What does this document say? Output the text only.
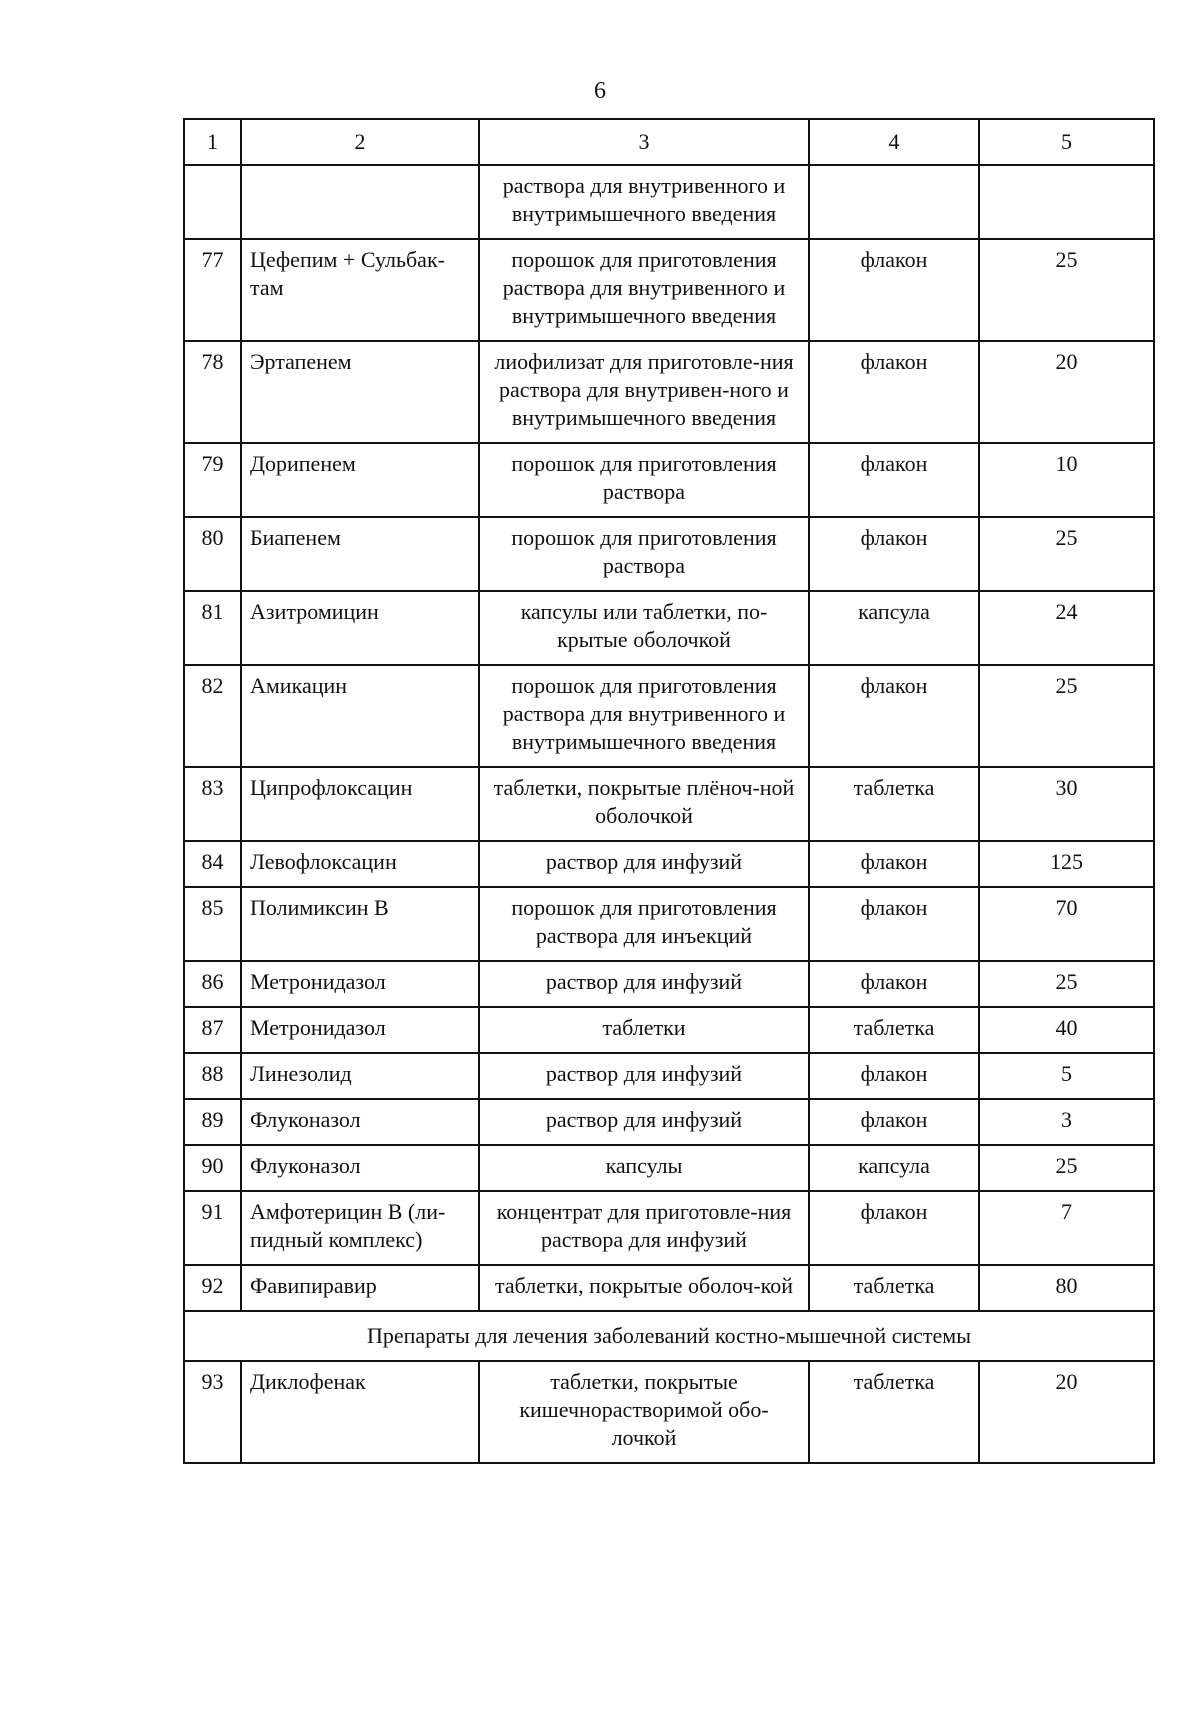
6
1	2	3	4	5
		раствора для внутривенного и внутримышечного введения		
77	Цефепим + Сульбак-там	порошок для приготовления раствора для внутривенного и внутримышечного введения	флакон	25
78	Эртапенем	лиофилизат для приготовле-ния раствора для внутривен-ного и внутримышечного введения	флакон	20
79	Дорипенем	порошок для приготовления раствора	флакон	10
80	Биапенем	порошок для приготовления раствора	флакон	25
81	Азитромицин	капсулы или таблетки, по-крытые оболочкой	капсула	24
82	Амикацин	порошок для приготовления раствора для внутривенного и внутримышечного введения	флакон	25
83	Ципрофлоксацин	таблетки, покрытые плёноч-ной оболочкой	таблетка	30
84	Левофлоксацин	раствор для инфузий	флакон	125
85	Полимиксин В	порошок для приготовления раствора для инъекций	флакон	70
86	Метронидазол	раствор для инфузий	флакон	25
87	Метронидазол	таблетки	таблетка	40
88	Линезолид	раствор для инфузий	флакон	5
89	Флуконазол	раствор для инфузий	флакон	3
90	Флуконазол	капсулы	капсула	25
91	Амфотерицин В (ли-пидный комплекс)	концентрат для приготовле-ния раствора для инфузий	флакон	7
92	Фавипиравир	таблетки, покрытые оболоч-кой	таблетка	80
Препараты для лечения заболеваний костно-мышечной системы				
93	Диклофенак	таблетки, покрытые кишечнорастворимой обо-лочкой	таблетка	20
